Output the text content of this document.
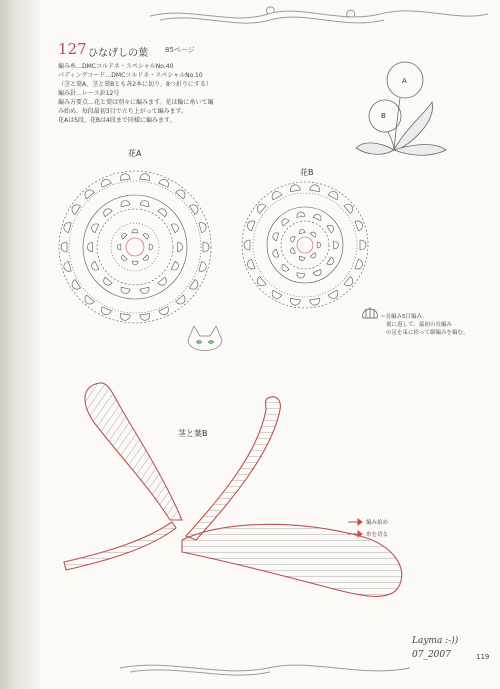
127 ひなげしの葉 85ページ
編み糸…DMCコルドネ・スペシャルNo.40
パディングコード…DMCコルドネ・スペシャルNo.10
（茎と葉A、茎と葉Bとも各2本に切り、8つ折りにする）
編み針…レース針12号
編み方要点…花と葉は別々に編みます。花は輪に糸いて編
み始め、毎段最初3目で立ち上がって編みます。
花Aは5段、花Bは4段まで同様に編みます。
花A
花B
A
B
茎と葉B
＝長編み5目編み。
裏に返して、最初の長編み
の足を束に拾って細編みを編む。
編み始め
糸を切る
Layma :-))
07_2007	119
